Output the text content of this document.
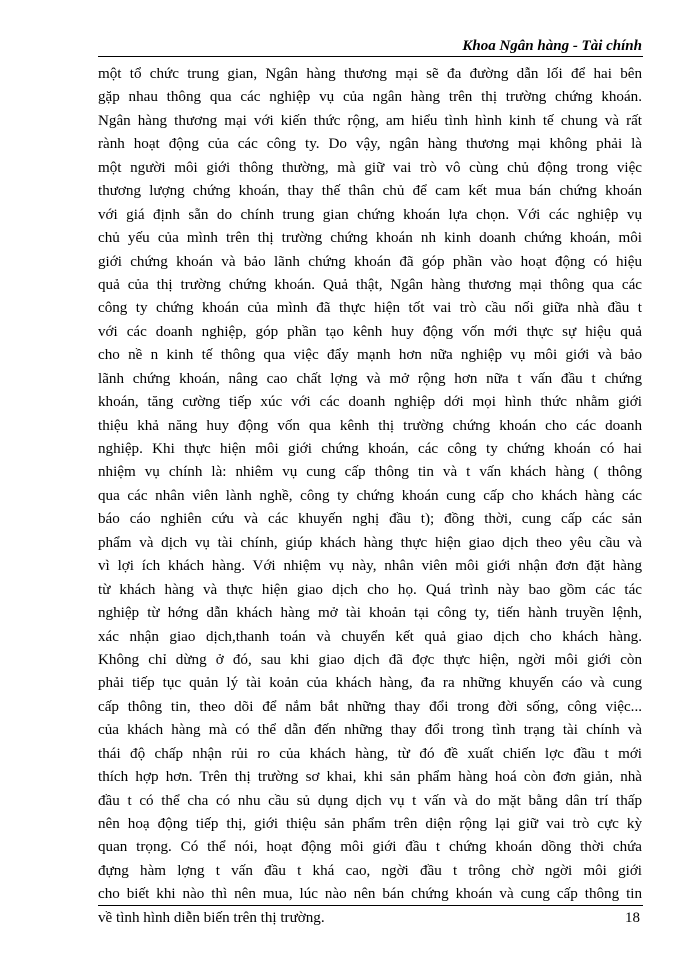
Khoa Ngân hàng - Tài chính
một tổ chức trung gian, Ngân hàng thương mại sẽ đa đường dẫn lối để hai bên
gặp nhau thông qua các nghiệp vụ của ngân hàng trên thị trường chứng khoán.
Ngân hàng thương mại với kiến thức rộng, am hiểu tình hình kinh tế chung và rất
rành hoạt động của các công ty. Do vậy, ngân hàng thương mại không phải là
một người môi giới thông thường, mà giữ vai trò vô cùng chủ động trong việc
thương lượng chứng khoán, thay thế thân chủ để cam kết mua bán chứng khoán
với giá định sẵn do chính trung gian chứng khoán lựa chọn. Với các nghiệp vụ
chủ yếu của mình trên thị trường chứng khoán nh kinh doanh chứng khoán, môi
giới chứng khoán và bảo lãnh chứng khoán đã góp phần vào hoạt động có hiệu
quả của thị trường chứng khoán. Quả thật, Ngân hàng thương mại thông qua các
công ty chứng khoán của mình đã thực hiện tốt vai trò cầu nối giữa nhà đầu t
với các doanh nghiệp, góp phần tạo kênh huy động vốn mới thực sự hiệu quả
cho nề n kinh tế thông qua việc đẩy mạnh hơn nữa nghiệp vụ môi giới và bảo
lãnh chứng khoán, nâng cao chất lợng và mở rộng hơn nữa t vấn đầu t chứng
khoán, tăng cường tiếp xúc với các doanh nghiệp dới mọi hình thức nhằm giới
thiệu khả năng huy động vốn qua kênh thị trường chứng khoán cho các doanh
nghiệp. Khi thực hiện môi giới chứng khoán, các công ty chứng khoán có hai
nhiệm vụ chính là: nhiêm vụ cung cấp thông tin và t vấn khách hàng ( thông
qua các nhân viên lành nghề, công ty chứng khoán cung cấp cho khách hàng các
báo cáo nghiên cứu và các khuyến nghị đầu t); đồng thời, cung cấp các sản
phẩm và dịch vụ tài chính, giúp khách hàng thực hiện giao dịch theo yêu cầu và
vì lợi ích khách hàng. Với nhiệm vụ này, nhân viên môi giới nhận đơn đặt hàng
từ khách hàng và thực hiện giao dịch cho họ. Quá trình này bao gồm các tác
nghiệp từ hớng dẫn khách hàng mở tài khoản tại công ty, tiến hành truyền lệnh,
xác nhận giao dịch,thanh toán và chuyển kết quả giao dịch cho khách hàng.
Không chỉ dừng ở đó, sau khi giao dịch đã đợc thực hiện, ngời môi giới còn
phải tiếp tục quản lý tài koản của khách hàng, đa ra những khuyến cáo và cung
cấp thông tin, theo dõi để nắm bắt những thay đổi trong đời sống, công việc...
của khách hàng mà có thể dẫn đến những thay đổi trong tình trạng tài chính và
thái độ chấp nhận rủi ro của khách hàng, từ đó đề xuất chiến lợc đầu t mới
thích hợp hơn. Trên thị trường sơ khai, khi sản phẩm hàng hoá còn đơn giản, nhà
đầu t có thể cha có nhu cầu sủ dụng dịch vụ t vấn và do mặt bằng dân trí thấp
nên hoạ động tiếp thị, giới thiệu sản phẩm trên diện rộng lại giữ vai trò cực kỳ
quan trọng. Có thể nói, hoạt động môi giới đầu t chứng khoán dồng thời chứa
đựng hàm lợng t vấn đầu t khá cao, ngời đầu t trông chờ ngời môi giới
cho biết khi nào thì nên mua, lúc nào nên bán chứng khoán và cung cấp thông tin
về tình hình diễn biến trên thị trường.	18
